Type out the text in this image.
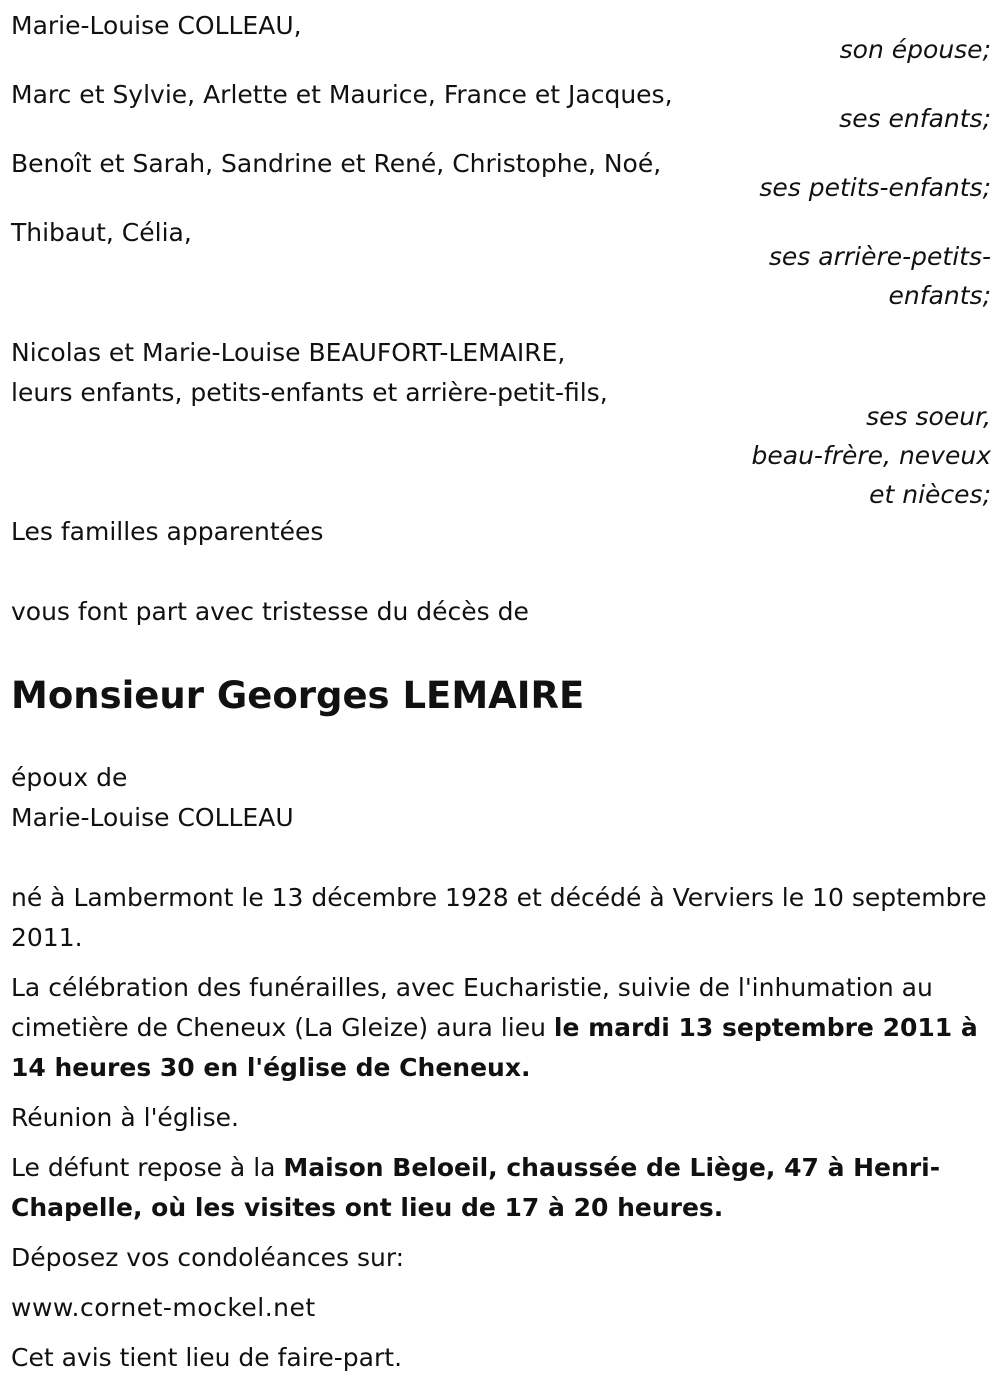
Marie-Louise COLLEAU,
son épouse;
Marc et Sylvie, Arlette et Maurice, France et Jacques,
ses enfants;
Benoît et Sarah, Sandrine et René, Christophe, Noé,
ses petits-enfants;
Thibaut, Célia,
ses arrière-petits-
enfants;
Nicolas et Marie-Louise BEAUFORT-LEMAIRE,
leurs enfants, petits-enfants et arrière-petit-fils,
ses soeur,
beau-frère, neveux
et nièces;

Les familles apparentées

vous font part avec tristesse du décès de

Monsieur Georges LEMAIRE

époux de

Marie-Louise COLLEAU

né à Lambermont le 13 décembre 1928 et décédé à Verviers le 10 septembre 2011.

La célébration des funérailles, avec Eucharistie, suivie de l'inhumation au cimetière de Cheneux (La Gleize) aura lieu le mardi 13 septembre 2011 à 14 heures 30 en l'église de Cheneux.

Réunion à l'église.

Le défunt repose à la Maison Beloeil, chaussée de Liège, 47 à Henri-Chapelle, où les visites ont lieu de 17 à 20 heures.

Déposez vos condoléances sur:

www.cornet-mockel.net

Cet avis tient lieu de faire-part.
